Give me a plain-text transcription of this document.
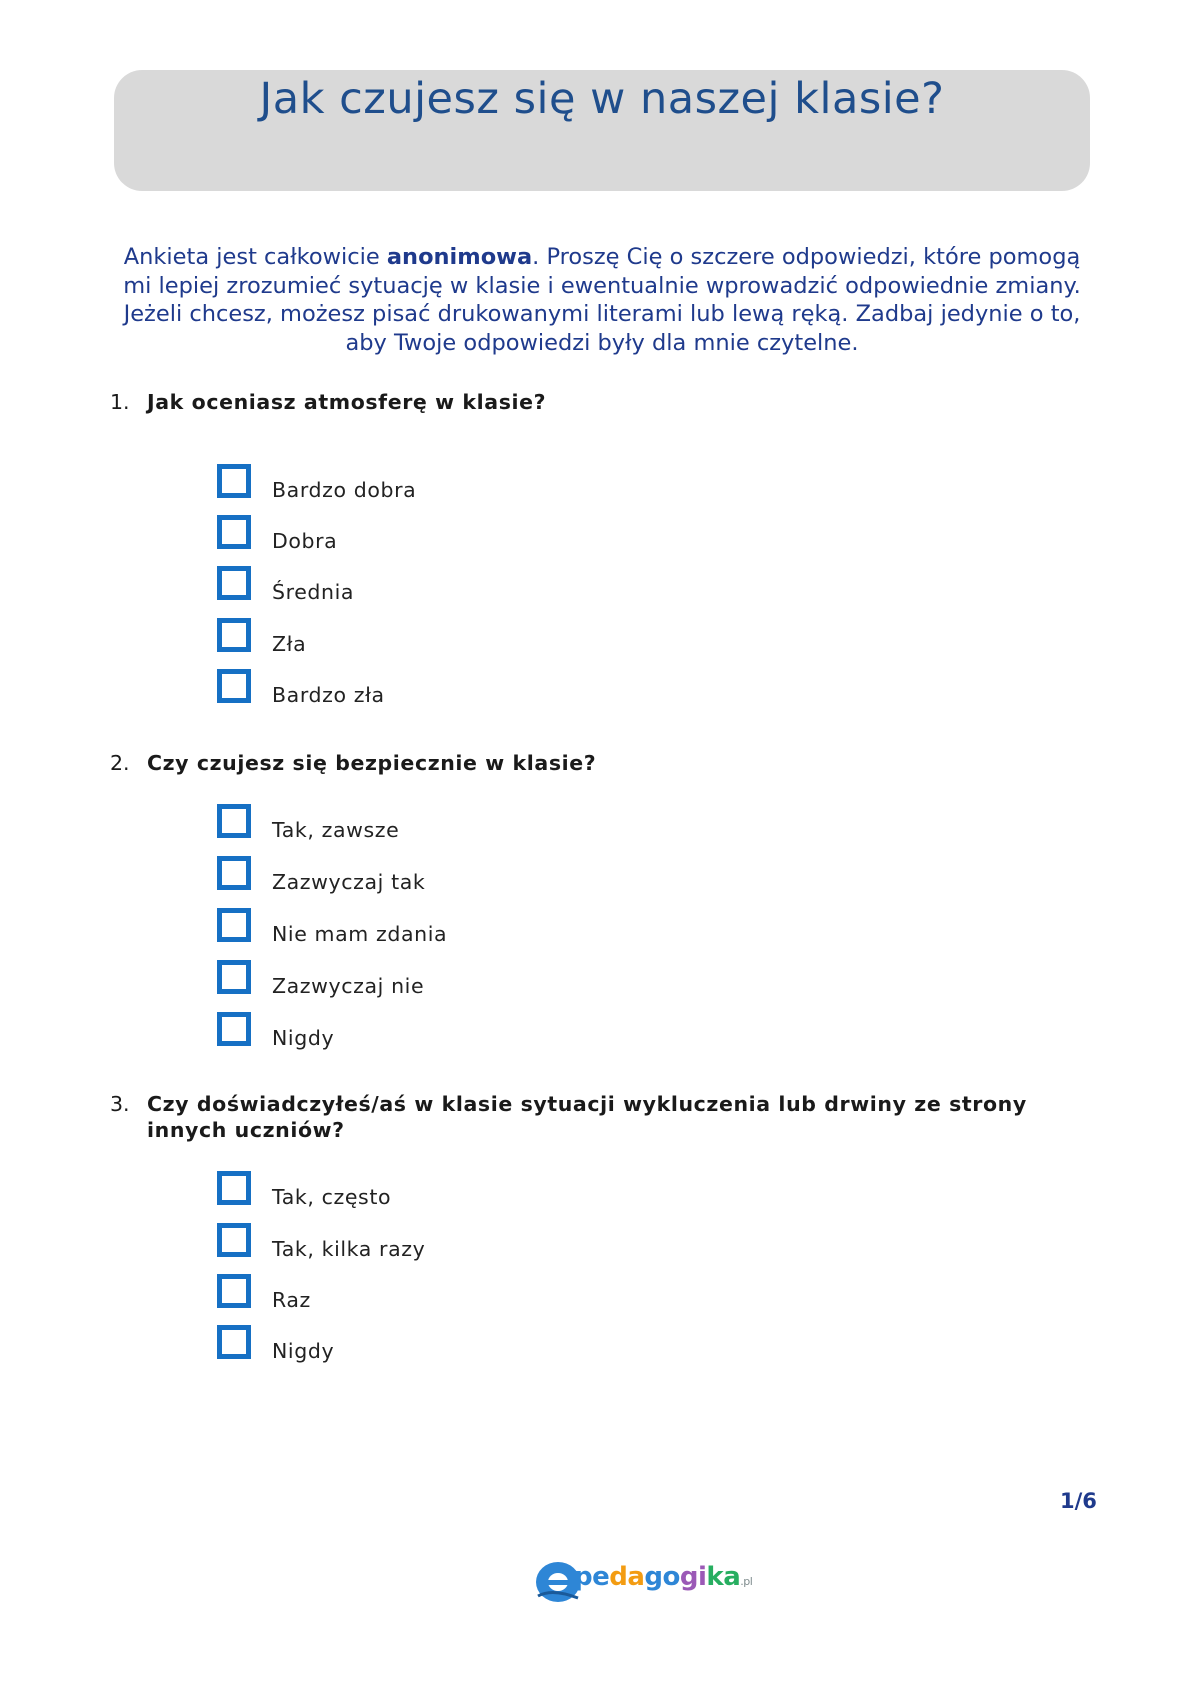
Jak czujesz się w naszej klasie?

Ankieta jest całkowicie anonimowa. Proszę Cię o szczere odpowiedzi, które pomogą mi lepiej zrozumieć sytuację w klasie i ewentualnie wprowadzić odpowiednie zmiany. Jeżeli chcesz, możesz pisać drukowanymi literami lub lewą ręką. Zadbaj jedynie o to, aby Twoje odpowiedzi były dla mnie czytelne.

1. Jak oceniasz atmosferę w klasie?
Bardzo dobra
Dobra
Średnia
Zła
Bardzo zła
2. Czy czujesz się bezpiecznie w klasie?
Tak, zawsze
Zazwyczaj tak
Nie mam zdania
Zazwyczaj nie
Nigdy
3. Czy doświadczyłeś/aś w klasie sytuacji wykluczenia lub drwiny ze strony innych uczniów?
Tak, często
Tak, kilka razy
Raz
Nigdy
1/6
pedagogika.pl
